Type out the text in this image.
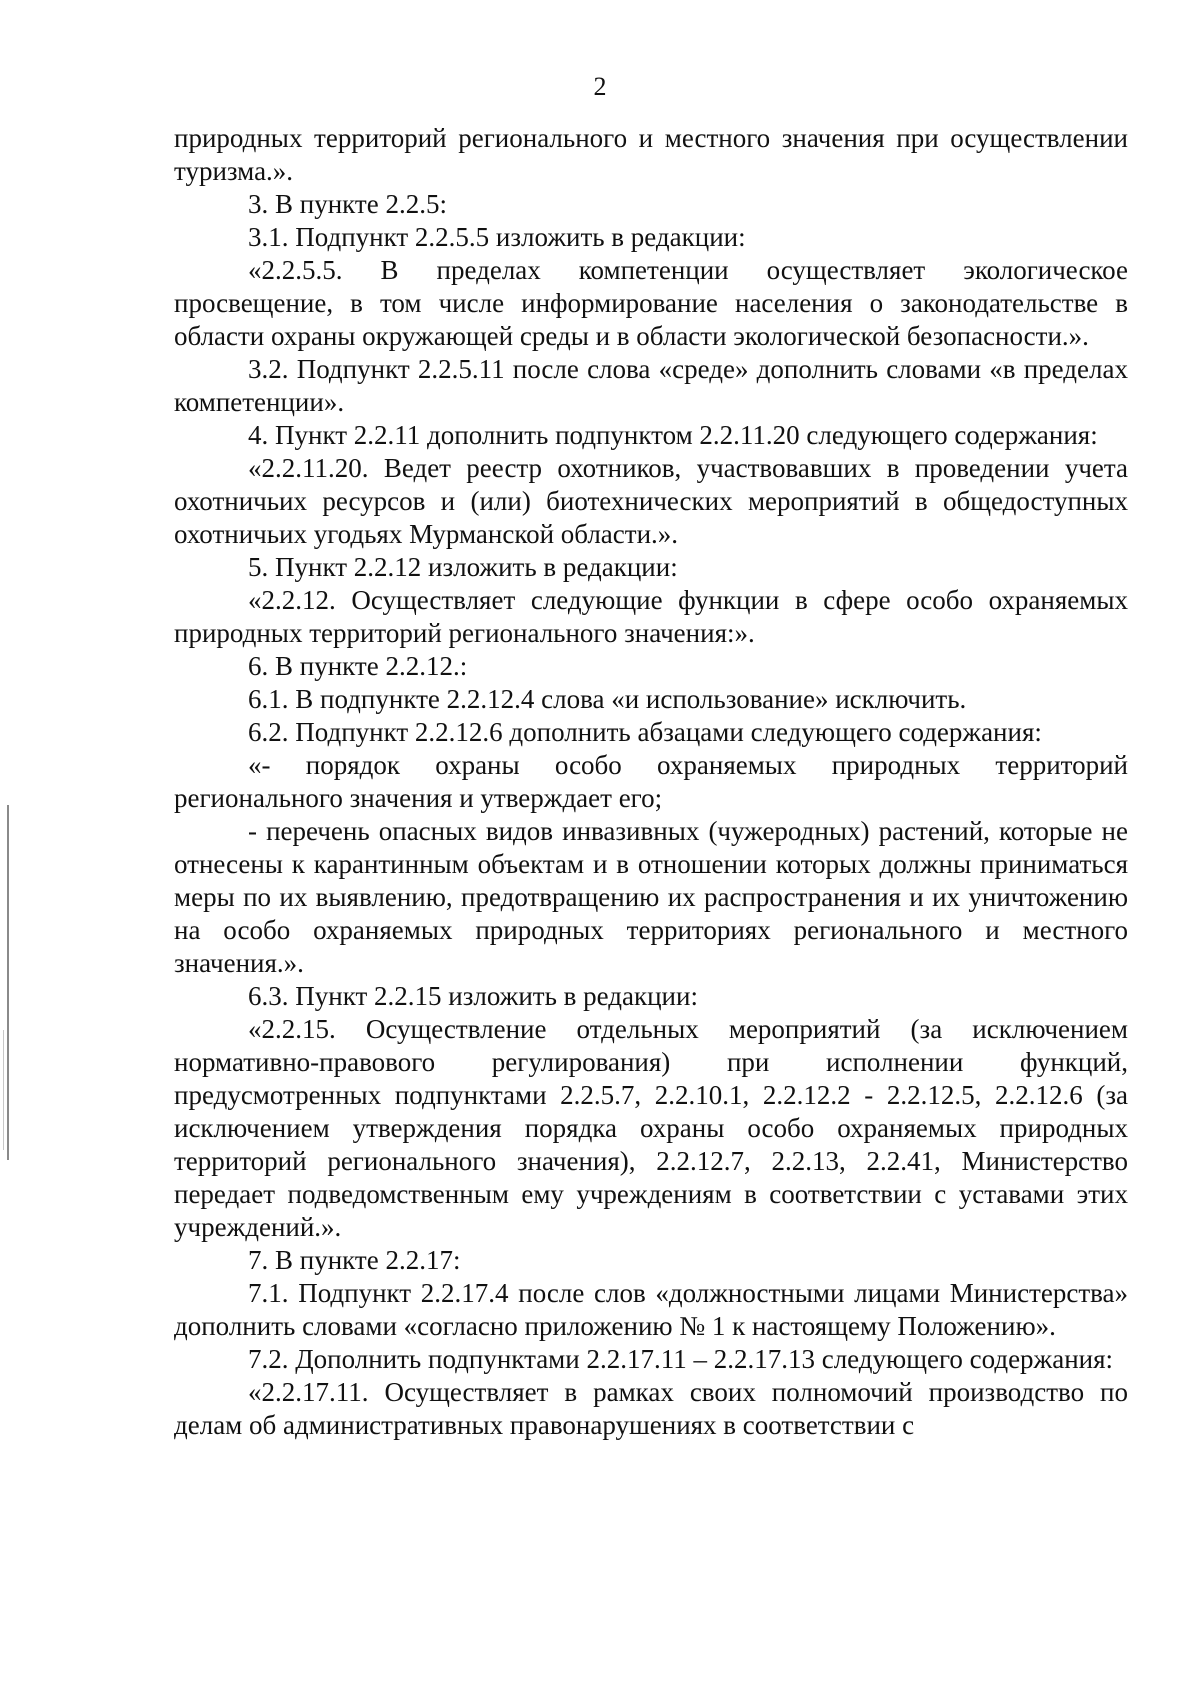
2

природных территорий регионального и местного значения при осуществлении туризма.».

3. В пункте 2.2.5:

3.1. Подпункт 2.2.5.5 изложить в редакции:

«2.2.5.5. В пределах компетенции осуществляет экологическое просвещение, в том числе информирование населения о законодательстве в области охраны окружающей среды и в области экологической безопасности.».

3.2. Подпункт 2.2.5.11 после слова «среде» дополнить словами «в пределах компетенции».

4. Пункт 2.2.11 дополнить подпунктом 2.2.11.20 следующего содержания:

«2.2.11.20. Ведет реестр охотников, участвовавших в проведении учета охотничьих ресурсов и (или) биотехнических мероприятий в общедоступных охотничьих угодьях Мурманской области.».

5. Пункт 2.2.12 изложить в редакции:

«2.2.12. Осуществляет следующие функции в сфере особо охраняемых природных территорий регионального значения:».

6. В пункте 2.2.12.:

6.1. В подпункте 2.2.12.4 слова «и использование» исключить.

6.2. Подпункт 2.2.12.6 дополнить абзацами следующего содержания:

«- порядок охраны особо охраняемых природных территорий регионального значения и утверждает его;

- перечень опасных видов инвазивных (чужеродных) растений, которые не отнесены к карантинным объектам и в отношении которых должны приниматься меры по их выявлению, предотвращению их распространения и их уничтожению на особо охраняемых природных территориях регионального и местного значения.».

6.3. Пункт 2.2.15 изложить в редакции:

«2.2.15. Осуществление отдельных мероприятий (за исключением нормативно-правового регулирования) при исполнении функций, предусмотренных подпунктами 2.2.5.7, 2.2.10.1, 2.2.12.2 - 2.2.12.5, 2.2.12.6 (за исключением утверждения порядка охраны особо охраняемых природных территорий регионального значения), 2.2.12.7, 2.2.13, 2.2.41, Министерство передает подведомственным ему учреждениям в соответствии с уставами этих учреждений.».

7. В пункте 2.2.17:

7.1. Подпункт 2.2.17.4 после слов «должностными лицами Министерства» дополнить словами «согласно приложению № 1 к настоящему Положению».

7.2. Дополнить подпунктами 2.2.17.11 – 2.2.17.13 следующего содержания:

«2.2.17.11. Осуществляет в рамках своих полномочий производство по делам об административных правонарушениях в соответствии с
